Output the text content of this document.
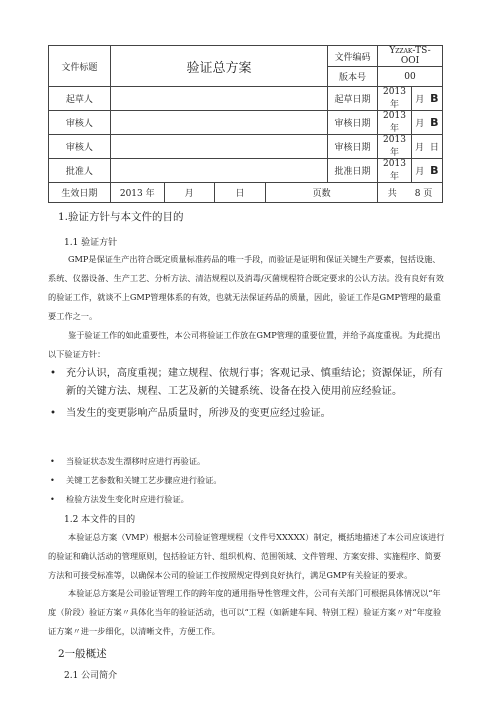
文件标题	验证总方案				文件编码	Yzzak-TS-OOI	
					版本号	00	
起草人					起草日期	2013 年	月 B
审核人					审核日期	2013 年	月 B
审核人					审核日期	2013 年	月 日
批准人					批准日期	2013 年	月 B
生效日期	2013 年	月	日	页数		共　　8 页	
1.验证方针与本文件的目的
1.1 验证方针

GMP是保证生产出符合既定质量标准药品的唯一手段，而验证是证明和保证关键生产要素，包括设施、系统、仪器设备、生产工艺、分析方法、清洁规程以及消毒/灭菌规程符合既定要求的公认方法。没有良好有效的验证工作，就谈不上GMP管理体系的有效，也就无法保证药品的质量，因此，验证工作是GMP管理的最重要工作之一。

鉴于验证工作的如此重要性，本公司将验证工作放在GMP管理的重要位置，并给予高度重视。为此提出以下验证方针：

• 充分认识，高度重视；建立规程、依规行事；客观记录、慎重结论；资源保证，所有新的关键方法、规程、工艺及新的关键系统、设备在投入使用前应经验证。
• 当发生的变更影响产品质量时，所涉及的变更应经过验证。
• 当验证状态发生漂移时应进行再验证。
• 关键工艺参数和关键工艺步骤应进行验证。
• 检验方法发生变化时应进行验证。
1.2 本文件的目的

本验证总方案（VMP）根据本公司验证管理规程（文件号XXXXX）制定，概括地描述了本公司应该进行的验证和确认活动的管理原则，包括验证方针、组织机构、范围领域、文件管理、方案安排、实施程序、简要方法和可接受标准等，以确保本公司的验证工作按照规定得到良好执行，满足GMP有关验证的要求。

本验证总方案是公司验证管理工作的跨年度的通用指导性管理文件，公司有关部门可根据具体情况以“年度（阶段）验证方案〃具体化当年的验证活动，也可以“工程（如新建车间、特别工程）验证方案〃对“年度验证方案〃进一步细化，以清晰文件，方便工作。

2一般概述
2.1 公司简介
